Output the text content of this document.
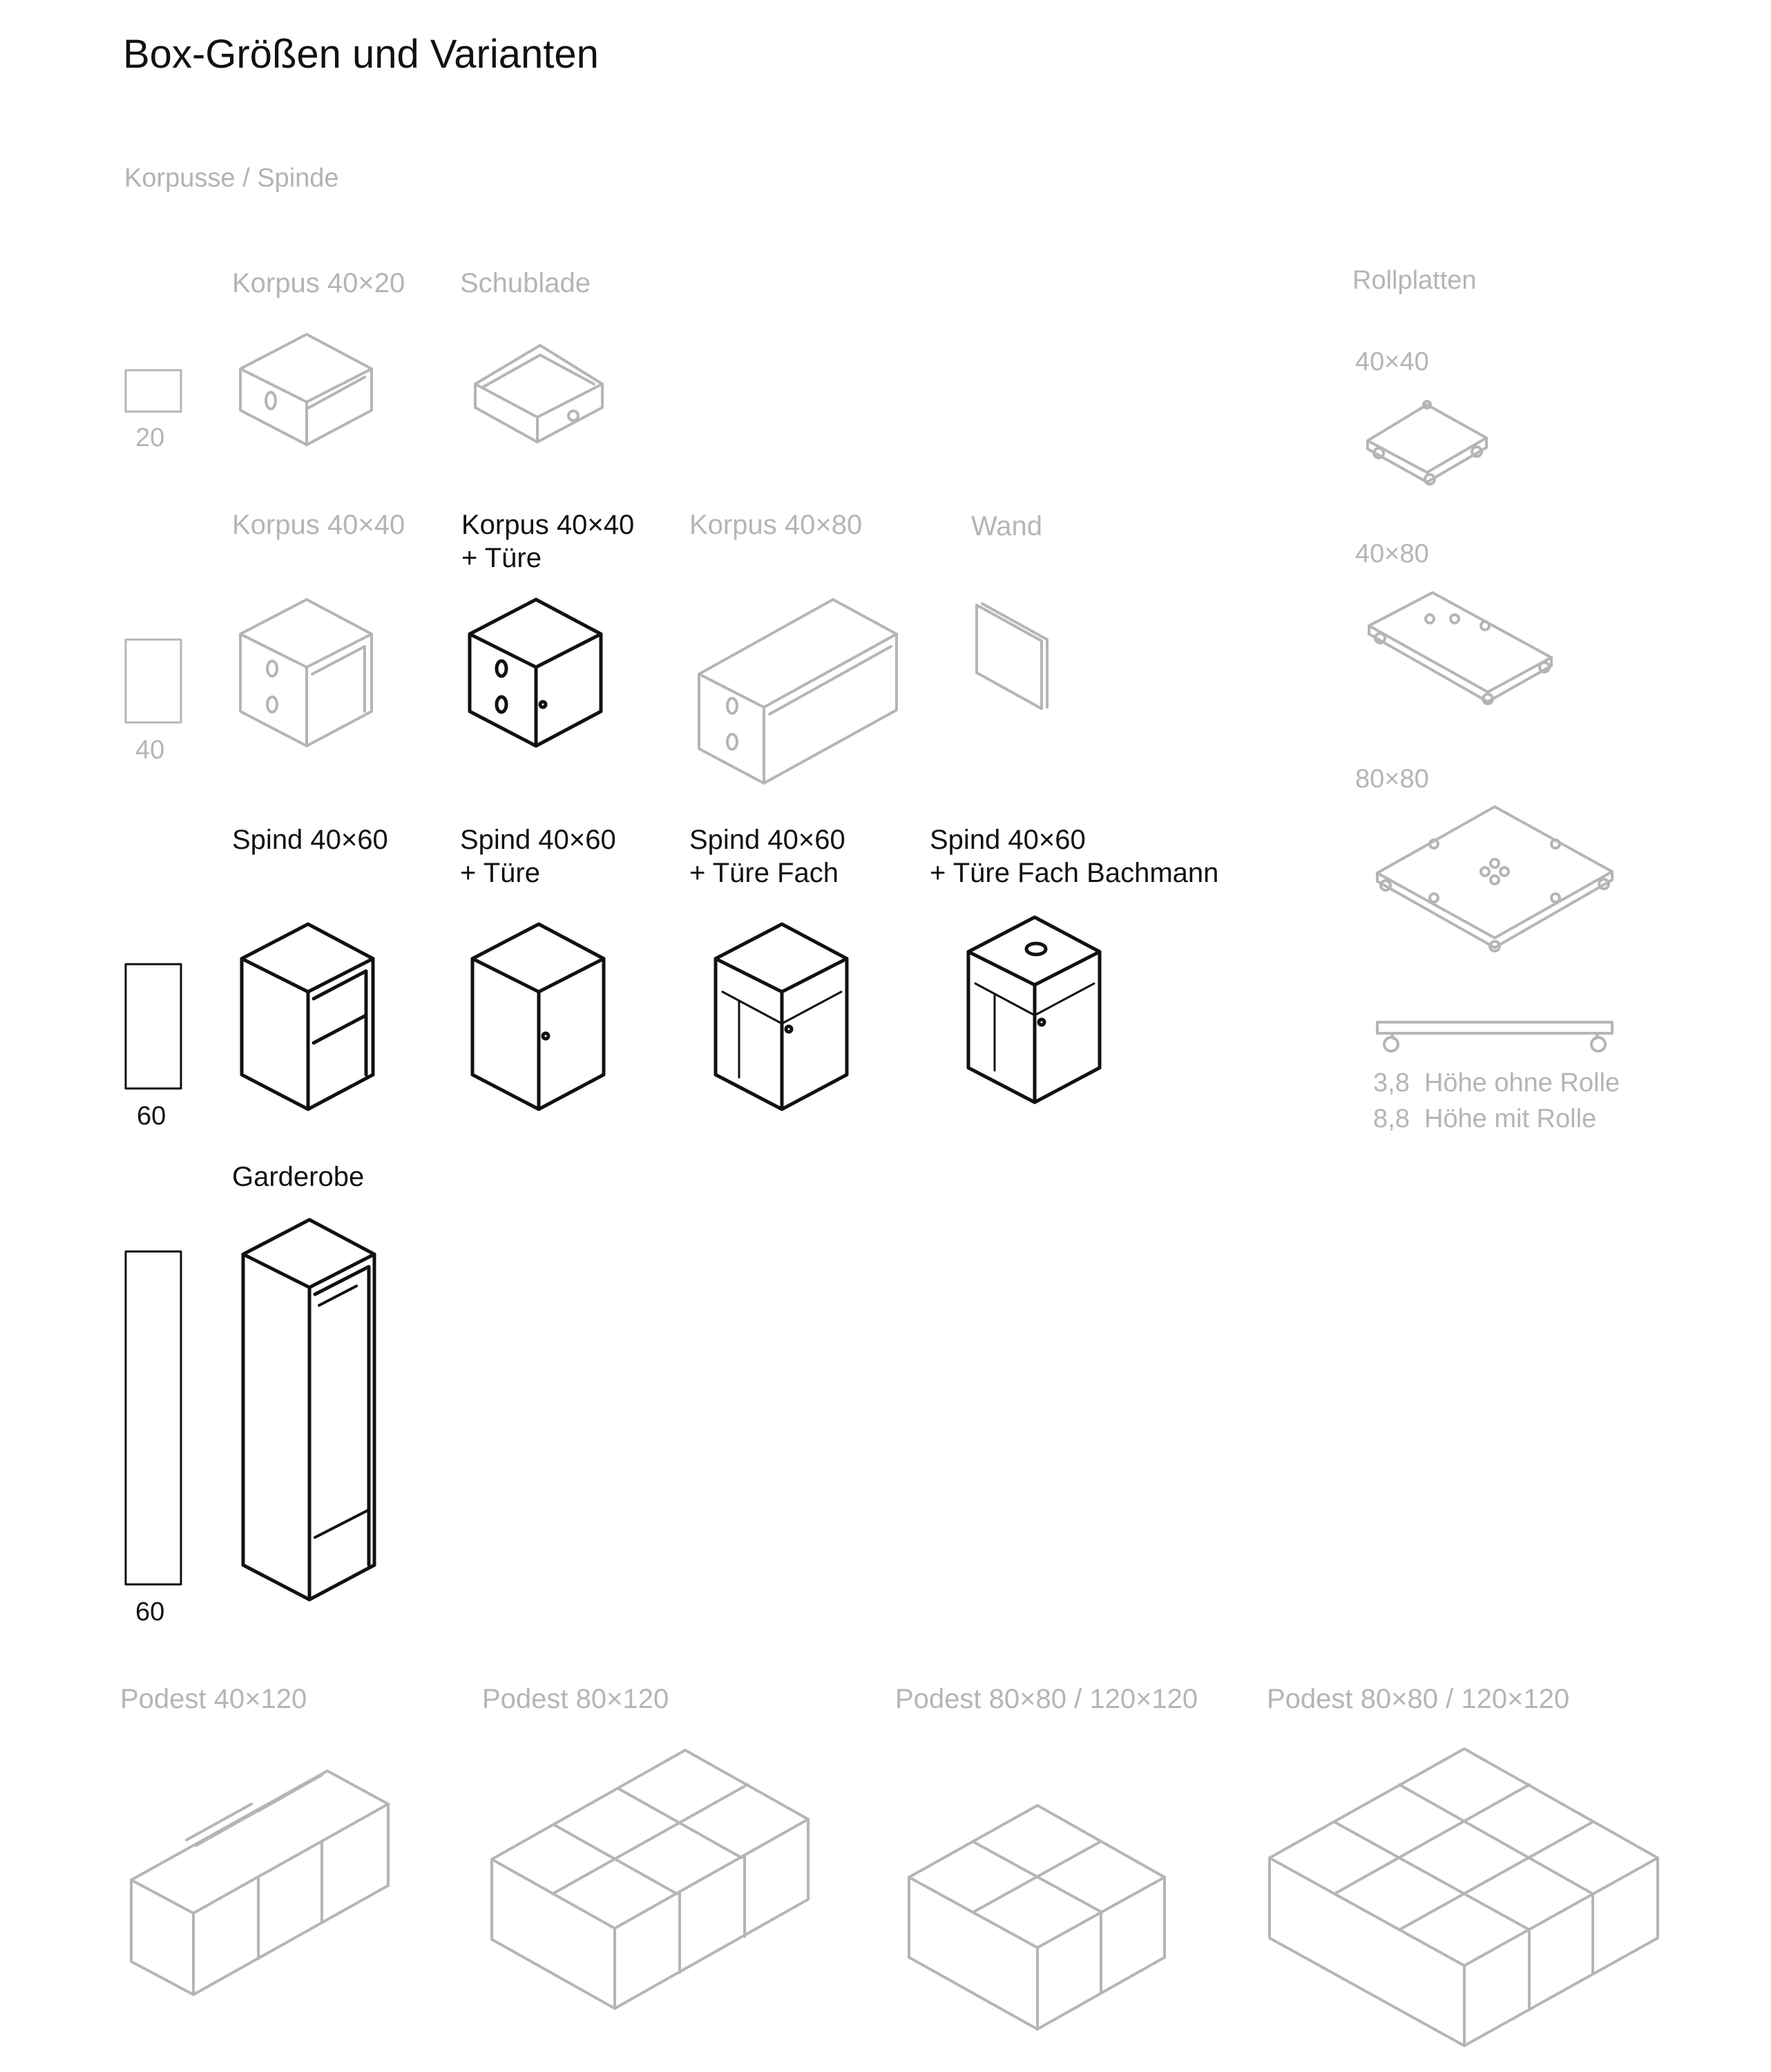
Box-Größen und Varianten
Korpusse / Spinde
Korpus 40×20 Schublade
20
Korpus 40×40 Korpus 40×40
+ Türe
Korpus 40×80	Wand
40
Spind 40×60	Spind 40×60
+ Türe
Spind 40×60
+ Türe Fach
Spind 40×60
+ Türe Fach Bachmann
60
Garderobe
60
Rollplatten
40×40
40×80
80×80
3,8  Höhe ohne Rolle
8,8  Höhe mit Rolle
Podest 40×120	Podest 80×120	Podest 80×80 / 120×120 Podest 80×80 / 120×120
